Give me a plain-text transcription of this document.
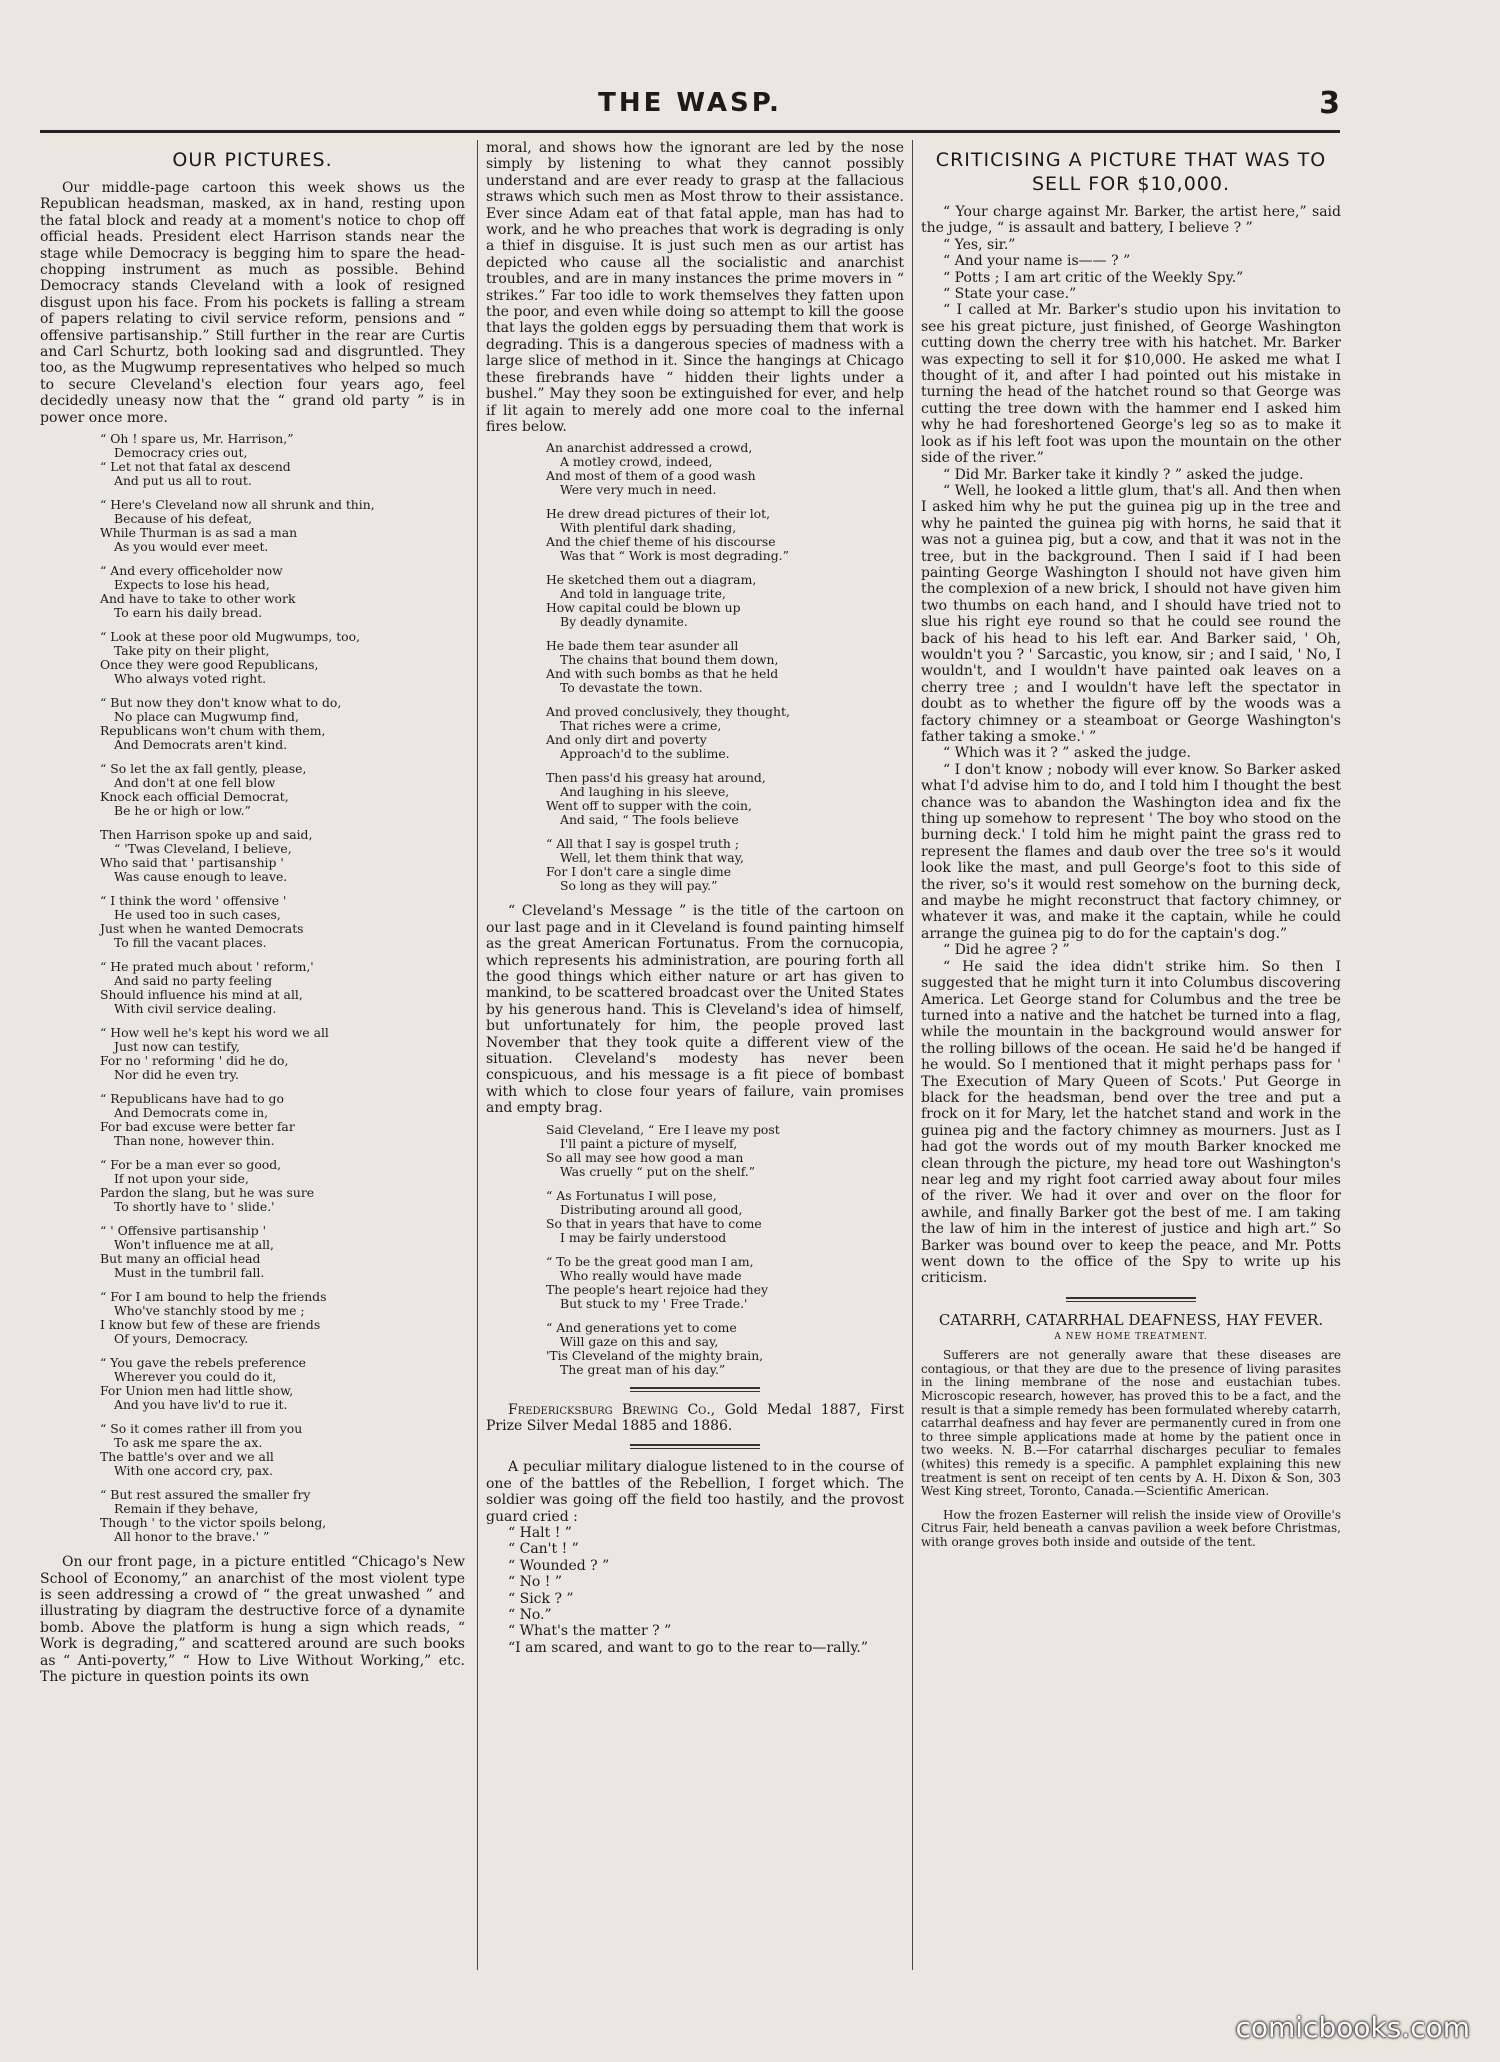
THE WASP.	3
OUR PICTURES.

Our middle-page cartoon this week shows us the Republican headsman, masked, ax in hand, resting upon the fatal block and ready at a moment's notice to chop off official heads. President elect Harrison stands near the stage while Democracy is begging him to spare the head-chopping instrument as much as possible. Behind Democracy stands Cleveland with a look of resigned disgust upon his face. From his pockets is falling a stream of papers relating to civil service reform, pensions and “ offensive partisanship.” Still further in the rear are Curtis and Carl Schurtz, both looking sad and disgruntled. They too, as the Mugwump representatives who helped so much to secure Cleveland's election four years ago, feel decidedly uneasy now that the “ grand old party ” is in power once more.

“ Oh ! spare us, Mr. Harrison,”
Democracy cries out,
“ Let not that fatal ax descend
And put us all to rout.
“ Here's Cleveland now all shrunk and thin,
Because of his defeat,
While Thurman is as sad a man
As you would ever meet.
“ And every officeholder now
Expects to lose his head,
And have to take to other work
To earn his daily bread.
“ Look at these poor old Mugwumps, too,
Take pity on their plight,
Once they were good Republicans,
Who always voted right.
“ But now they don't know what to do,
No place can Mugwump find,
Republicans won't chum with them,
And Democrats aren't kind.
“ So let the ax fall gently, please,
And don't at one fell blow
Knock each official Democrat,
Be he or high or low.”
Then Harrison spoke up and said,
“ 'Twas Cleveland, I believe,
Who said that ' partisanship '
Was cause enough to leave.
“ I think the word ' offensive '
He used too in such cases,
Just when he wanted Democrats
To fill the vacant places.
“ He prated much about ' reform,'
And said no party feeling
Should influence his mind at all,
With civil service dealing.
“ How well he's kept his word we all
Just now can testify,
For no ' reforming ' did he do,
Nor did he even try.
“ Republicans have had to go
And Democrats come in,
For bad excuse were better far
Than none, however thin.
“ For be a man ever so good,
If not upon your side,
Pardon the slang, but he was sure
To shortly have to ' slide.'
“ ' Offensive partisanship '
Won't influence me at all,
But many an official head
Must in the tumbril fall.
“ For I am bound to help the friends
Who've stanchly stood by me ;
I know but few of these are friends
Of yours, Democracy.
“ You gave the rebels preference
Wherever you could do it,
For Union men had little show,
And you have liv'd to rue it.
“ So it comes rather ill from you
To ask me spare the ax.
The battle's over and we all
With one accord cry, pax.
“ But rest assured the smaller fry
Remain if they behave,
Though ' to the victor spoils belong,
All honor to the brave.' ”

On our front page, in a picture entitled “Chicago's New School of Economy,” an anarchist of the most violent type is seen addressing a crowd of “ the great unwashed ” and illustrating by diagram the destructive force of a dynamite bomb. Above the platform is hung a sign which reads, “ Work is degrading,” and scattered around are such books as “ Anti-poverty,” “ How to Live Without Working,” etc. The picture in question points its own

moral, and shows how the ignorant are led by the nose simply by listening to what they cannot possibly understand and are ever ready to grasp at the fallacious straws which such men as Most throw to their assistance. Ever since Adam eat of that fatal apple, man has had to work, and he who preaches that work is degrading is only a thief in disguise. It is just such men as our artist has depicted who cause all the socialistic and anarchist troubles, and are in many instances the prime movers in “ strikes.” Far too idle to work themselves they fatten upon the poor, and even while doing so attempt to kill the goose that lays the golden eggs by persuading them that work is degrading. This is a dangerous species of madness with a large slice of method in it. Since the hangings at Chicago these firebrands have “ hidden their lights under a bushel.” May they soon be extinguished for ever, and help if lit again to merely add one more coal to the infernal fires below.

An anarchist addressed a crowd,
A motley crowd, indeed,
And most of them of a good wash
Were very much in need.
He drew dread pictures of their lot,
With plentiful dark shading,
And the chief theme of his discourse
Was that “ Work is most degrading.”
He sketched them out a diagram,
And told in language trite,
How capital could be blown up
By deadly dynamite.
He bade them tear asunder all
The chains that bound them down,
And with such bombs as that he held
To devastate the town.
And proved conclusively, they thought,
That riches were a crime,
And only dirt and poverty
Approach'd to the sublime.
Then pass'd his greasy hat around,
And laughing in his sleeve,
Went off to supper with the coin,
And said, “ The fools believe
“ All that I say is gospel truth ;
Well, let them think that way,
For I don't care a single dime
So long as they will pay.”

“ Cleveland's Message ” is the title of the cartoon on our last page and in it Cleveland is found painting himself as the great American Fortunatus. From the cornucopia, which represents his administration, are pouring forth all the good things which either nature or art has given to mankind, to be scattered broadcast over the United States by his generous hand. This is Cleveland's idea of himself, but unfortunately for him, the people proved last November that they took quite a different view of the situation. Cleveland's modesty has never been conspicuous, and his message is a fit piece of bombast with which to close four years of failure, vain promises and empty brag.

Said Cleveland, “ Ere I leave my post
I'll paint a picture of myself,
So all may see how good a man
Was cruelly “ put on the shelf.”
“ As Fortunatus I will pose,
Distributing around all good,
So that in years that have to come
I may be fairly understood
“ To be the great good man I am,
Who really would have made
The people's heart rejoice had they
But stuck to my ' Free Trade.'
“ And generations yet to come
Will gaze on this and say,
'Tis Cleveland of the mighty brain,
The great man of his day.”

Fredericksburg Brewing Co., Gold Medal 1887, First Prize Silver Medal 1885 and 1886.

A peculiar military dialogue listened to in the course of one of the battles of the Rebellion, I forget which. The soldier was going off the field too hastily, and the provost guard cried :

“ Halt ! ”

“ Can't ! ”

“ Wounded ? ”

“ No ! ”

“ Sick ? ”

“ No.”

“ What's the matter ? ”

“I am scared, and want to go to the rear to—rally.”

CRITICISING A PICTURE THAT WAS TO SELL FOR $10,000.

“ Your charge against Mr. Barker, the artist here,” said the judge, “ is assault and battery, I believe ? ”

“ Yes, sir.”

“ And your name is—— ? ”

“ Potts ; I am art critic of the Weekly Spy.”

“ State your case.”

“ I called at Mr. Barker's studio upon his invitation to see his great picture, just finished, of George Washington cutting down the cherry tree with his hatchet. Mr. Barker was expecting to sell it for $10,000. He asked me what I thought of it, and after I had pointed out his mistake in turning the head of the hatchet round so that George was cutting the tree down with the hammer end I asked him why he had foreshortened George's leg so as to make it look as if his left foot was upon the mountain on the other side of the river.”

“ Did Mr. Barker take it kindly ? ” asked the judge.

“ Well, he looked a little glum, that's all. And then when I asked him why he put the guinea pig up in the tree and why he painted the guinea pig with horns, he said that it was not a guinea pig, but a cow, and that it was not in the tree, but in the background. Then I said if I had been painting George Washington I should not have given him the complexion of a new brick, I should not have given him two thumbs on each hand, and I should have tried not to slue his right eye round so that he could see round the back of his head to his left ear. And Barker said, ' Oh, wouldn't you ? ' Sarcastic, you know, sir ; and I said, ' No, I wouldn't, and I wouldn't have painted oak leaves on a cherry tree ; and I wouldn't have left the spectator in doubt as to whether the figure off by the woods was a factory chimney or a steamboat or George Washington's father taking a smoke.' ”

“ Which was it ? ” asked the judge.

“ I don't know ; nobody will ever know. So Barker asked what I'd advise him to do, and I told him I thought the best chance was to abandon the Washington idea and fix the thing up somehow to represent ' The boy who stood on the burning deck.' I told him he might paint the grass red to represent the flames and daub over the tree so's it would look like the mast, and pull George's foot to this side of the river, so's it would rest somehow on the burning deck, and maybe he might reconstruct that factory chimney, or whatever it was, and make it the captain, while he could arrange the guinea pig to do for the captain's dog.”

“ Did he agree ? ”

“ He said the idea didn't strike him. So then I suggested that he might turn it into Columbus discovering America. Let George stand for Columbus and the tree be turned into a native and the hatchet be turned into a flag, while the mountain in the background would answer for the rolling billows of the ocean. He said he'd be hanged if he would. So I mentioned that it might perhaps pass for ' The Execution of Mary Queen of Scots.' Put George in black for the headsman, bend over the tree and put a frock on it for Mary, let the hatchet stand and work in the guinea pig and the factory chimney as mourners. Just as I had got the words out of my mouth Barker knocked me clean through the picture, my head tore out Washington's near leg and my right foot carried away about four miles of the river. We had it over and over on the floor for awhile, and finally Barker got the best of me. I am taking the law of him in the interest of justice and high art.” So Barker was bound over to keep the peace, and Mr. Potts went down to the office of the Spy to write up his criticism.

CATARRH, CATARRHAL DEAFNESS, HAY FEVER.
A NEW HOME TREATMENT.

Sufferers are not generally aware that these diseases are contagious, or that they are due to the presence of living parasites in the lining membrane of the nose and eustachian tubes. Microscopic research, however, has proved this to be a fact, and the result is that a simple remedy has been formulated whereby catarrh, catarrhal deafness and hay fever are permanently cured in from one to three simple applications made at home by the patient once in two weeks. N. B.—For catarrhal discharges peculiar to females (whites) this remedy is a specific. A pamphlet explaining this new treatment is sent on receipt of ten cents by A. H. Dixon & Son, 303 West King street, Toronto, Canada.—Scientific American.

How the frozen Easterner will relish the inside view of Oroville's Citrus Fair, held beneath a canvas pavilion a week before Christmas, with orange groves both inside and outside of the tent.

comicbooks.com
